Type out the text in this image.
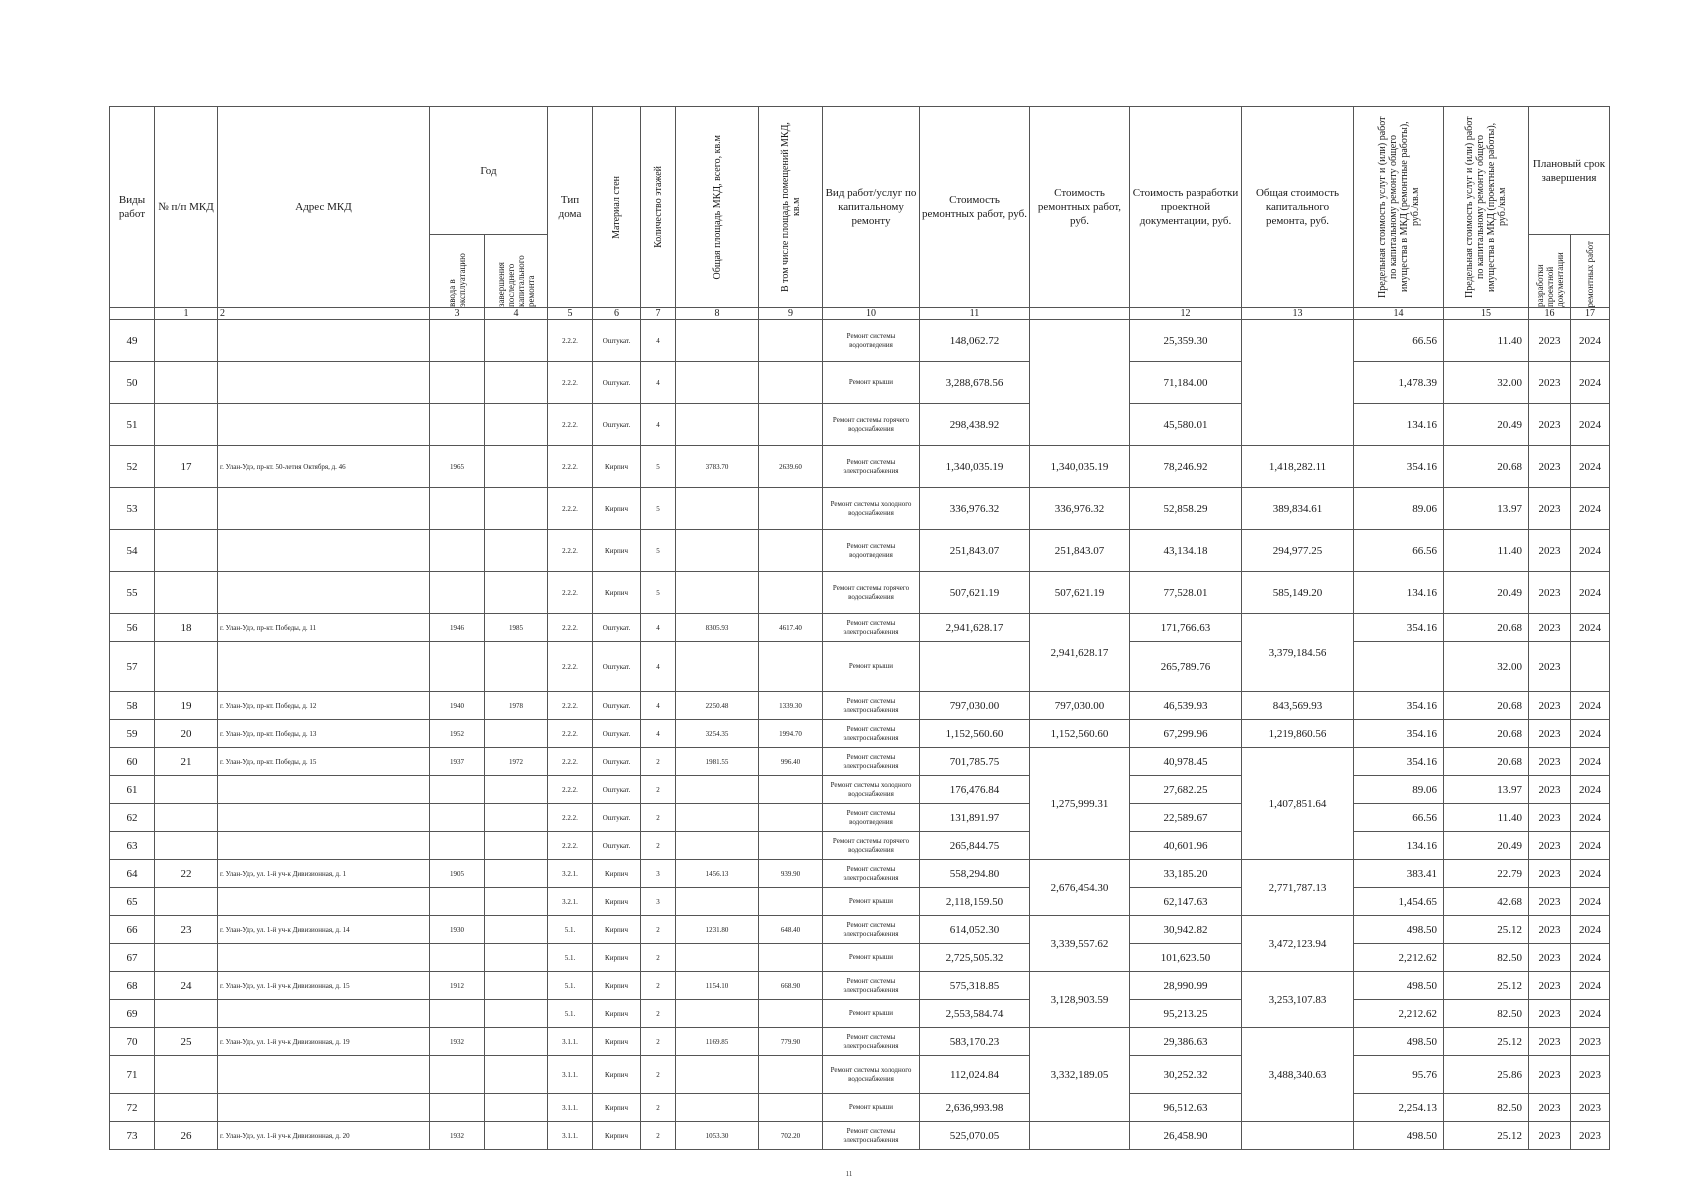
Виды работ	№ п/п МКД	Адрес МКД	Год		Тип дома	Материал стен	Количество этажей	Общая площадь МКД, всего, кв.м	В том числе площадь помещений МКД, кв.м	Вид работ/услуг по капитальному ремонту	Стоимость ремонтных работ, руб.	Стоимость ремонтных работ, руб.	Стоимость разработки проектной документации, руб.	Общая стоимость капитального ремонта, руб.	Предельная стоимость услуг и (или) работ по капитальному ремонту общего имущества в МКД (ремонтные работы), руб./кв.м	Предельная стоимость услуг и (или) работ по капитальному ремонту общего имущества в МКД (проектные работы), руб./кв.м	Плановый срок завершения	

			ввода в эксплуатацию	завершения последнего капитального ремонта													разработки проектной документации	ремонтных работ

	1	2	3	4	5	6	7	8	9	10	11		12	13	14	15	16	17
49					2.2.2.	Оштукат.	4			Ремонт системы водоотведения	148,062.72		25,359.30		66.56	11.40	2023	2024
50					2.2.2.	Оштукат.	4			Ремонт крыши	3,288,678.56		71,184.00		1,478.39	32.00	2023	2024
51					2.2.2.	Оштукат.	4			Ремонт системы горячего водоснабжения	298,438.92		45,580.01		134.16	20.49	2023	2024
52	17	г. Улан-Удэ, пр-кт. 50-летия Октября, д. 46	1965		2.2.2.	Кирпич	5	3783.70	2639.60	Ремонт системы электроснабжения	1,340,035.19	1,340,035.19	78,246.92	1,418,282.11	354.16	20.68	2023	2024
53					2.2.2.	Кирпич	5			Ремонт системы холодного водоснабжения	336,976.32	336,976.32	52,858.29	389,834.61	89.06	13.97	2023	2024
54					2.2.2.	Кирпич	5			Ремонт системы водоотведения	251,843.07	251,843.07	43,134.18	294,977.25	66.56	11.40	2023	2024
55					2.2.2.	Кирпич	5			Ремонт системы горячего водоснабжения	507,621.19	507,621.19	77,528.01	585,149.20	134.16	20.49	2023	2024
56	18	г. Улан-Удэ, пр-кт. Победы, д. 11	1946	1985	2.2.2.	Оштукат.	4	8305.93	4617.40	Ремонт системы электроснабжения	2,941,628.17	2,941,628.17	171,766.63	3,379,184.56	354.16	20.68	2023	2024
57					2.2.2.	Оштукат.	4			Ремонт крыши			265,789.76			32.00	2023	
58	19	г. Улан-Удэ, пр-кт. Победы, д. 12	1940	1978	2.2.2.	Оштукат.	4	2250.48	1339.30	Ремонт системы электроснабжения	797,030.00	797,030.00	46,539.93	843,569.93	354.16	20.68	2023	2024
59	20	г. Улан-Удэ, пр-кт. Победы, д. 13	1952		2.2.2.	Оштукат.	4	3254.35	1994.70	Ремонт системы электроснабжения	1,152,560.60	1,152,560.60	67,299.96	1,219,860.56	354.16	20.68	2023	2024
60	21	г. Улан-Удэ, пр-кт. Победы, д. 15	1937	1972	2.2.2.	Оштукат.	2	1981.55	996.40	Ремонт системы электроснабжения	701,785.75	1,275,999.31	40,978.45	1,407,851.64	354.16	20.68	2023	2024
61					2.2.2.	Оштукат.	2			Ремонт системы холодного водоснабжения	176,476.84		27,682.25		89.06	13.97	2023	2024
62					2.2.2.	Оштукат.	2			Ремонт системы водоотведения	131,891.97		22,589.67		66.56	11.40	2023	2024
63					2.2.2.	Оштукат.	2			Ремонт системы горячего водоснабжения	265,844.75		40,601.96		134.16	20.49	2023	2024
64	22	г. Улан-Удэ, ул. 1-й уч-к Дивизионная, д. 1	1905		3.2.1.	Кирпич	3	1456.13	939.90	Ремонт системы электроснабжения	558,294.80	2,676,454.30	33,185.20	2,771,787.13	383.41	22.79	2023	2024
65					3.2.1.	Кирпич	3			Ремонт крыши	2,118,159.50		62,147.63		1,454.65	42.68	2023	2024
66	23	г. Улан-Удэ, ул. 1-й уч-к Дивизионная, д. 14	1930		5.1.	Кирпич	2	1231.80	648.40	Ремонт системы электроснабжения	614,052.30	3,339,557.62	30,942.82	3,472,123.94	498.50	25.12	2023	2024
67					5.1.	Кирпич	2			Ремонт крыши	2,725,505.32		101,623.50		2,212.62	82.50	2023	2024
68	24	г. Улан-Удэ, ул. 1-й уч-к Дивизионная, д. 15	1912		5.1.	Кирпич	2	1154.10	668.90	Ремонт системы электроснабжения	575,318.85	3,128,903.59	28,990.99	3,253,107.83	498.50	25.12	2023	2024
69					5.1.	Кирпич	2			Ремонт крыши	2,553,584.74		95,213.25		2,212.62	82.50	2023	2024
70	25	г. Улан-Удэ, ул. 1-й уч-к Дивизионная, д. 19	1932		3.1.1.	Кирпич	2	1169.85	779.90	Ремонт системы электроснабжения	583,170.23	3,332,189.05	29,386.63	3,488,340.63	498.50	25.12	2023	2023
71					3.1.1.	Кирпич	2			Ремонт системы холодного водоснабжения	112,024.84		30,252.32		95.76	25.86	2023	2023
72					3.1.1.	Кирпич	2			Ремонт крыши	2,636,993.98		96,512.63		2,254.13	82.50	2023	2023
73	26	г. Улан-Удэ, ул. 1-й уч-к Дивизионная, д. 20	1932		3.1.1.	Кирпич	2	1053.30	702.20	Ремонт системы электроснабжения	525,070.05		26,458.90		498.50	25.12	2023	2023
11
